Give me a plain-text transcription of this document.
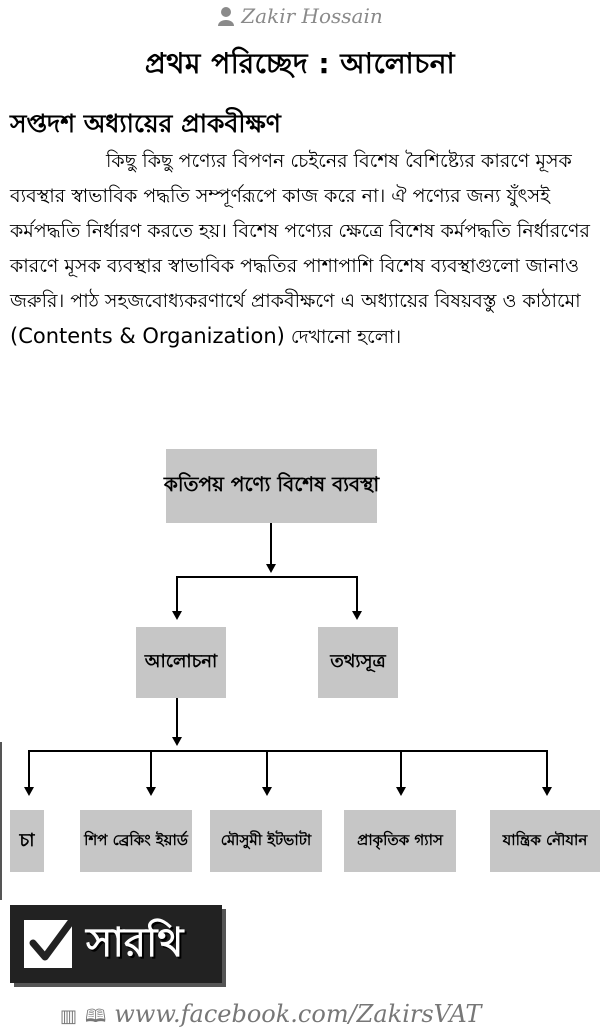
Zakir Hossain
প্রথম পরিচ্ছেদ : আলোচনা
সপ্তদশ অধ্যায়ের প্রাকবীক্ষণ
কিছু কিছু পণ্যের বিপণন চেইনের বিশেষ বৈশিষ্ট্যের কারণে মূসক ব্যবস্থার স্বাভাবিক পদ্ধতি সম্পূর্ণরূপে কাজ করে না। ঐ পণ্যের জন্য যুঁৎসই কর্মপদ্ধতি নির্ধারণ করতে হয়। বিশেষ পণ্যের ক্ষেত্রে বিশেষ কর্মপদ্ধতি নির্ধারণের কারণে মূসক ব্যবস্থার স্বাভাবিক পদ্ধতির পাশাপাশি বিশেষ ব্যবস্থাগুলো জানাও জরুরি। পাঠ সহজবোধ্যকরণার্থে প্রাকবীক্ষণে এ অধ্যায়ের বিষয়বস্তু ও কাঠামো (Contents & Organization) দেখানো হলো।
কতিপয় পণ্যে বিশেষ ব্যবস্থা
আলোচনা	তথ্যসূত্র
চা	শিপ ব্রেকিং ইয়ার্ড মৌসুমী ইটভাটা	প্রাকৃতিক গ্যাস	যান্ত্রিক নৌযান
সারথি
▥ 🕮 www.facebook.com/ZakirsVAT
